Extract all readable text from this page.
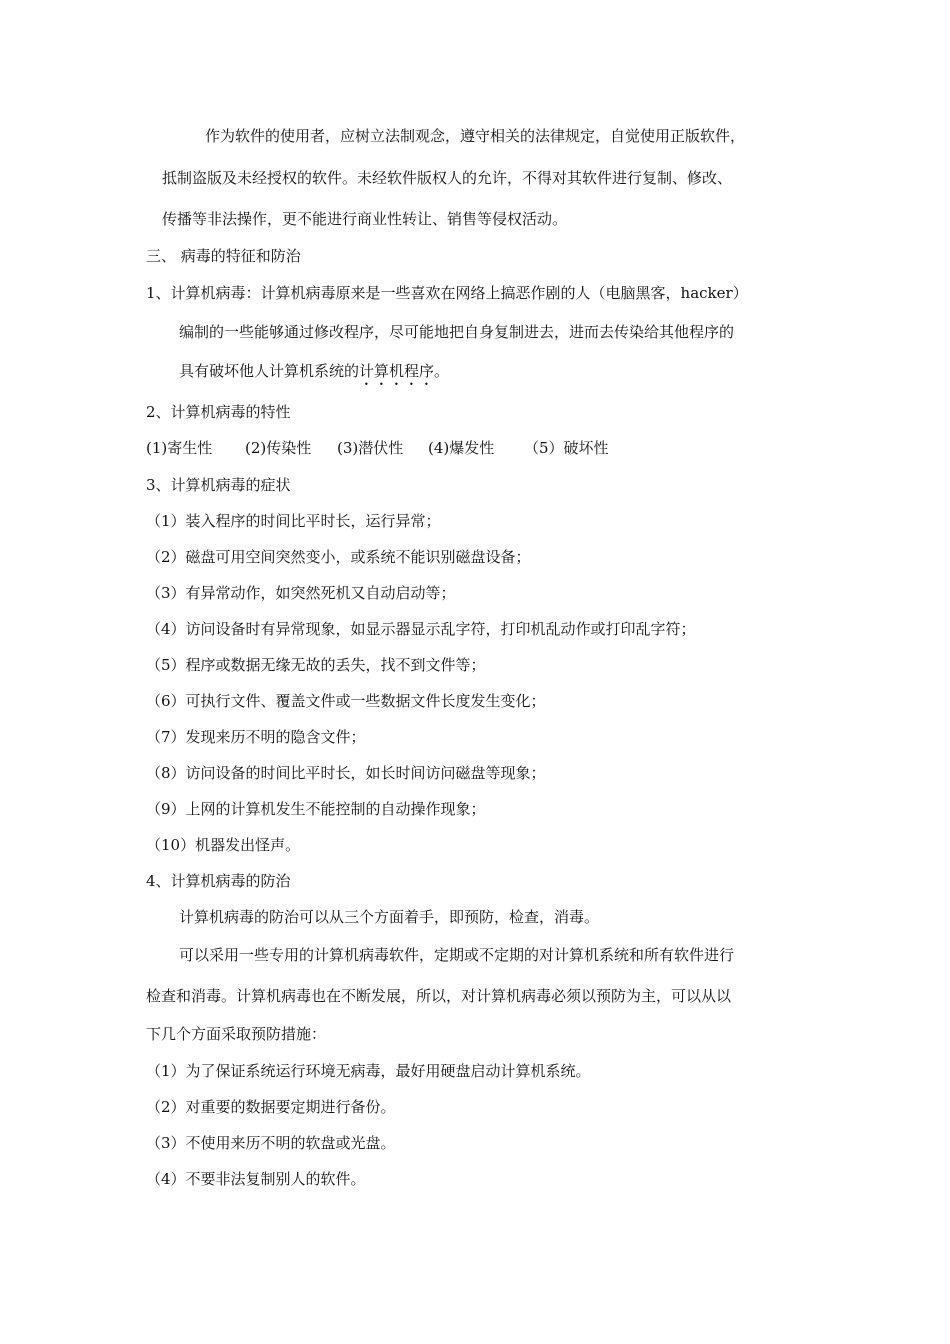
作为软件的使用者，应树立法制观念，遵守相关的法律规定，自觉使用正版软件，
抵制盗版及未经授权的软件。未经软件版权人的允许，不得对其软件进行复制、修改、
传播等非法操作，更不能进行商业性转让、销售等侵权活动。
三、 病毒的特征和防治
1、计算机病毒：计算机病毒原来是一些喜欢在网络上搞恶作剧的人（电脑黑客，hacker）
编制的一些能够通过修改程序，尽可能地把自身复制进去，进而去传染给其他程序的
具有破坏他人计算机系统的计算机程序。
2、计算机病毒的特性
(1)寄生性 (2)传染性 (3)潜伏性 (4)爆发性 （5）破坏性
3、计算机病毒的症状
（1）装入程序的时间比平时长，运行异常；
（2）磁盘可用空间突然变小，或系统不能识别磁盘设备；
（3）有异常动作，如突然死机又自动启动等；
（4）访问设备时有异常现象，如显示器显示乱字符，打印机乱动作或打印乱字符；
（5）程序或数据无缘无故的丢失，找不到文件等；
（6）可执行文件、覆盖文件或一些数据文件长度发生变化；
（7）发现来历不明的隐含文件；
（8）访问设备的时间比平时长，如长时间访问磁盘等现象；
（9）上网的计算机发生不能控制的自动操作现象；
（10）机器发出怪声。
4、计算机病毒的防治
计算机病毒的防治可以从三个方面着手，即预防，检查，消毒。
可以采用一些专用的计算机病毒软件，定期或不定期的对计算机系统和所有软件进行
检查和消毒。计算机病毒也在不断发展，所以，对计算机病毒必须以预防为主，可以从以
下几个方面采取预防措施：
（1）为了保证系统运行环境无病毒，最好用硬盘启动计算机系统。
（2）对重要的数据要定期进行备份。
（3）不使用来历不明的软盘或光盘。
（4）不要非法复制别人的软件。
